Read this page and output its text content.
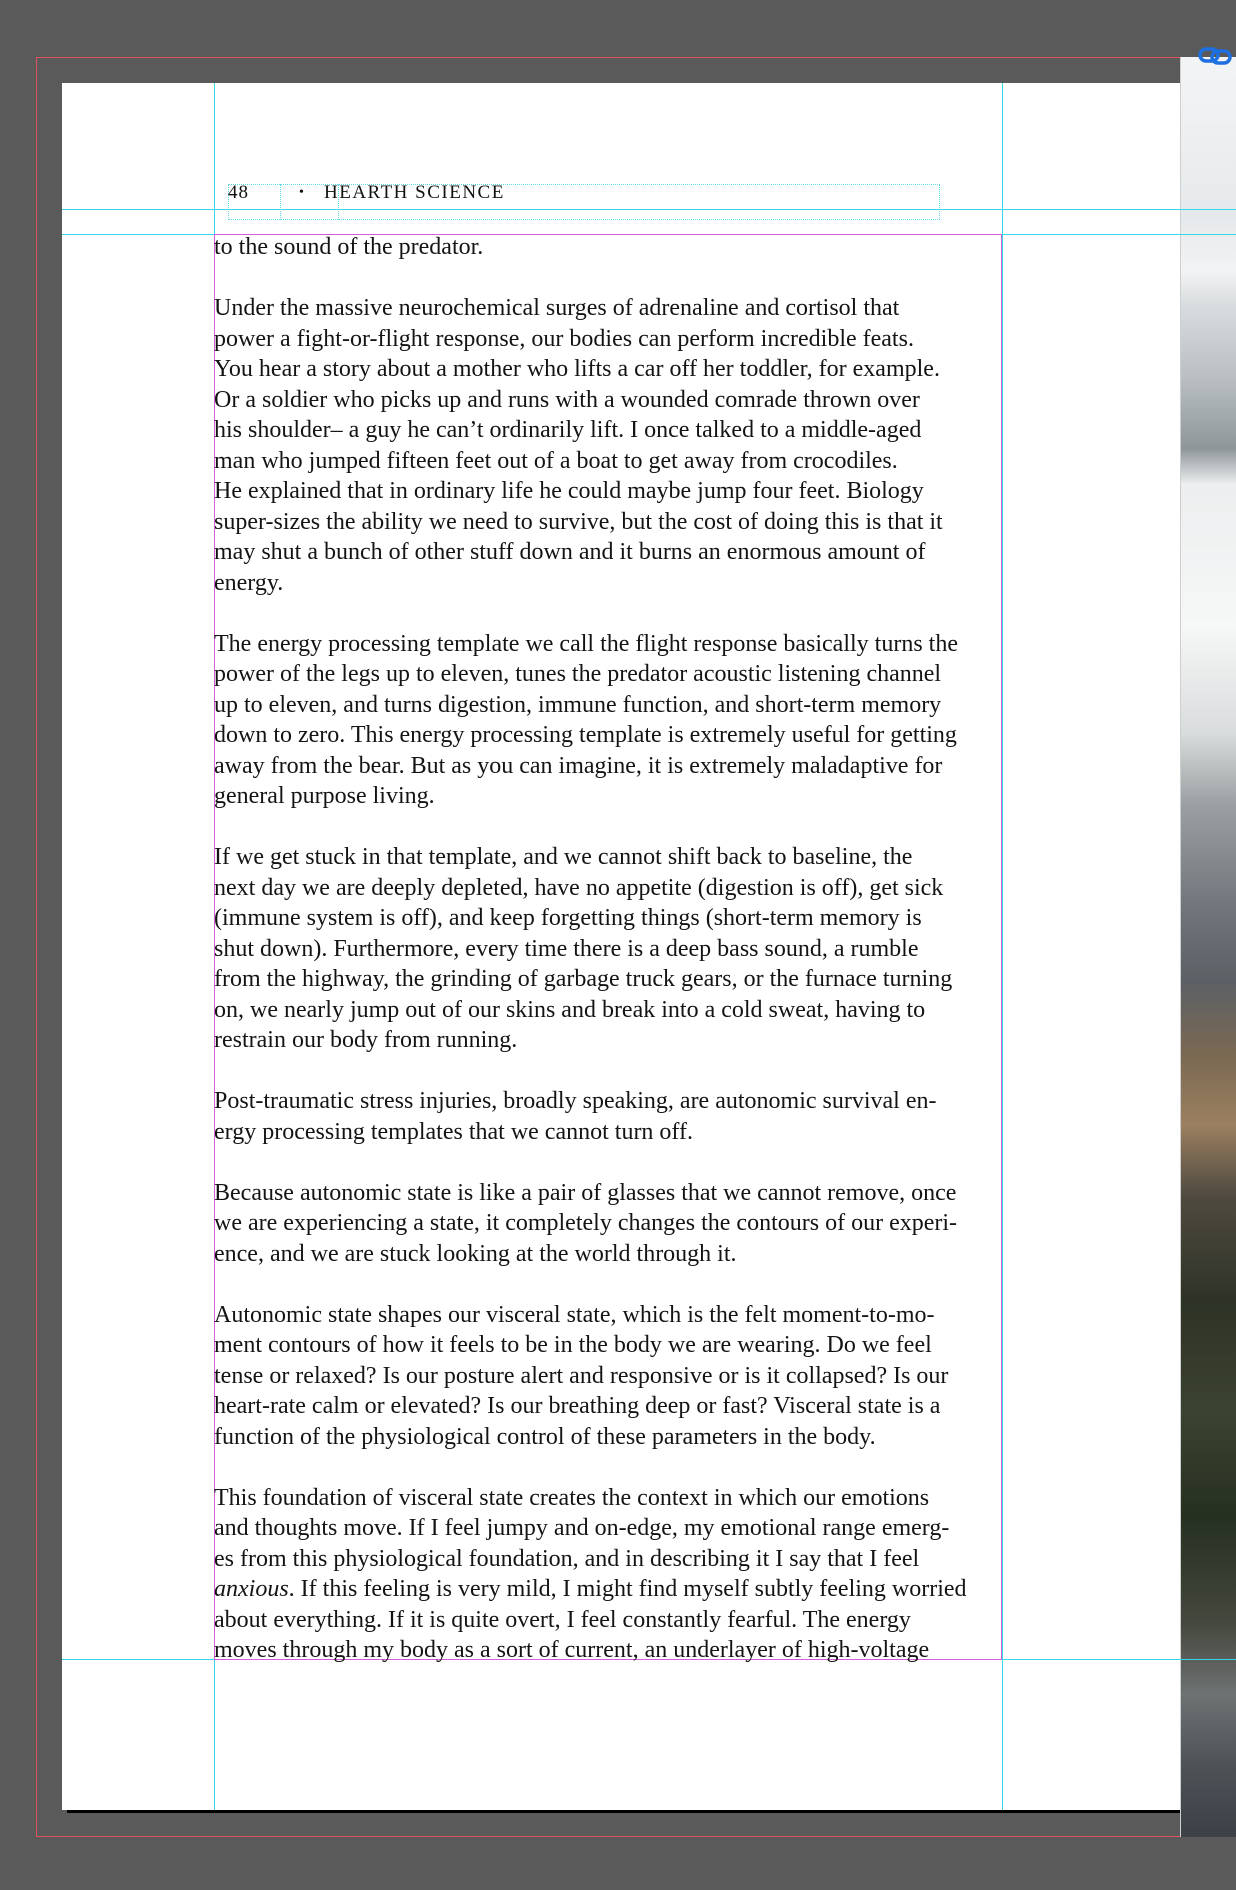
48	•	HEARTH SCIENCE

to the sound of the predator.

Under the massive neurochemical surges of adrenaline and cortisol that
power a fight-or-flight response, our bodies can perform incredible feats.
You hear a story about a mother who lifts a car off her toddler, for example.
Or a soldier who picks up and runs with a wounded comrade thrown over
his shoulder– a guy he can’t ordinarily lift. I once talked to a middle-aged
man who jumped fifteen feet out of a boat to get away from crocodiles.
He explained that in ordinary life he could maybe jump four feet. Biology
super-sizes the ability we need to survive, but the cost of doing this is that it
may shut a bunch of other stuff down and it burns an enormous amount of
energy.

The energy processing template we call the flight response basically turns the
power of the legs up to eleven, tunes the predator acoustic listening channel
up to eleven, and turns digestion, immune function, and short-term memory
down to zero. This energy processing template is extremely useful for getting
away from the bear. But as you can imagine, it is extremely maladaptive for
general purpose living.

If we get stuck in that template, and we cannot shift back to baseline, the
next day we are deeply depleted, have no appetite (digestion is off), get sick
(immune system is off), and keep forgetting things (short-term memory is
shut down). Furthermore, every time there is a deep bass sound, a rumble
from the highway, the grinding of garbage truck gears, or the furnace turning
on, we nearly jump out of our skins and break into a cold sweat, having to
restrain our body from running.

Post-traumatic stress injuries, broadly speaking, are autonomic survival en-
ergy processing templates that we cannot turn off.

Because autonomic state is like a pair of glasses that we cannot remove, once
we are experiencing a state, it completely changes the contours of our experi-
ence, and we are stuck looking at the world through it.

Autonomic state shapes our visceral state, which is the felt moment-to-mo-
ment contours of how it feels to be in the body we are wearing. Do we feel
tense or relaxed? Is our posture alert and responsive or is it collapsed? Is our
heart-rate calm or elevated? Is our breathing deep or fast? Visceral state is a
function of the physiological control of these parameters in the body.

This foundation of visceral state creates the context in which our emotions
and thoughts move. If I feel jumpy and on-edge, my emotional range emerg-
es from this physiological foundation, and in describing it I say that I feel
anxious. If this feeling is very mild, I might find myself subtly feeling worried
about everything. If it is quite overt, I feel constantly fearful. The energy
moves through my body as a sort of current, an underlayer of high-voltage
